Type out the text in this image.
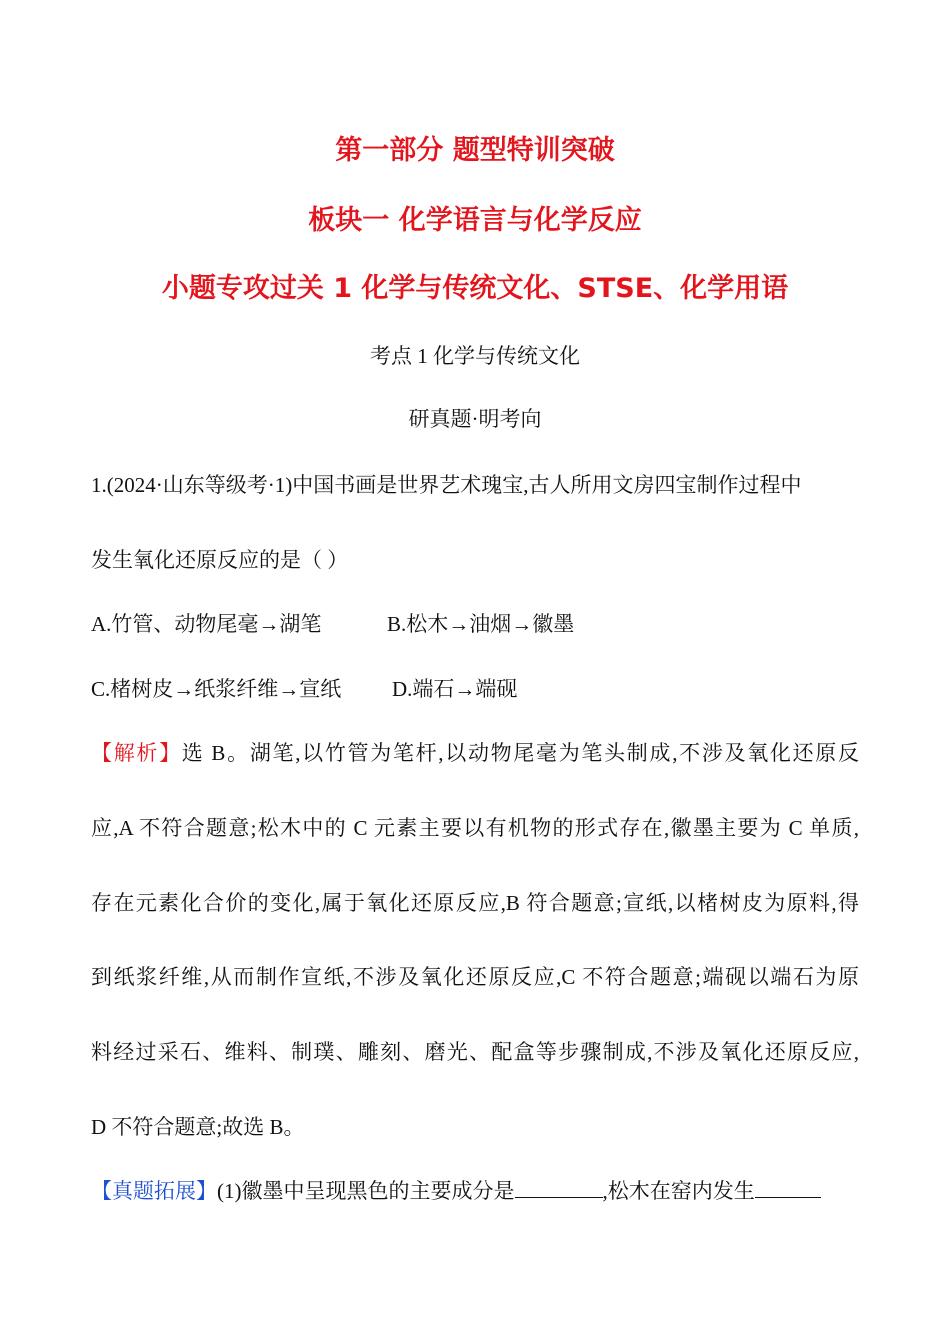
第一部分 题型特训突破
板块一 化学语言与化学反应
小题专攻过关 1 化学与传统文化、STSE、化学用语
考点 1 化学与传统文化
研真题·明考向
1.(2024·山东等级考·1)中国书画是世界艺术瑰宝,古人所用文房四宝制作过程中
发生氧化还原反应的是（ ）
A.竹管、动物尾毫→湖笔	B.松木→油烟→徽墨
C.楮树皮→纸浆纤维→宣纸 D.端石→端砚
【解析】选 B。湖笔,以竹管为笔杆,以动物尾毫为笔头制成,不涉及氧化还原反
应,A 不符合题意;松木中的 C 元素主要以有机物的形式存在,徽墨主要为 C 单质,
存在元素化合价的变化,属于氧化还原反应,B 符合题意;宣纸,以楮树皮为原料,得
到纸浆纤维,从而制作宣纸,不涉及氧化还原反应,C 不符合题意;端砚以端石为原
料经过采石、维料、制璞、雕刻、磨光、配盒等步骤制成,不涉及氧化还原反应,
D 不符合题意;故选 B。
【真题拓展】(1)徽墨中呈现黑色的主要成分是	,松木在窑内发生
